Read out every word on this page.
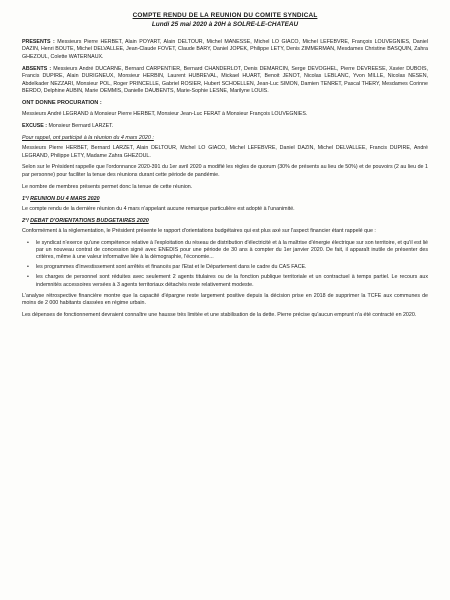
COMPTE RENDU DE LA REUNION DU COMITE SYNDICAL
Lundi 25 mai 2020 à 20H à SOLRE-LE-CHATEAU

PRESENTS : Messieurs Pierre HERBET, Alain POYART, Alain DELTOUR, Michel MANESSE, Michel LO GIACO, Michel LEFEBVRE, François LOUVEGNIES, Daniel DAZIN, Henri BOUTE, Michel DELVALLEE, Jean-Claude FOVET, Claude BARY, Daniel JOPEK, Philippe LETY, Denis ZIMMERMAN, Mesdames Christine BASQUIN, Zahra GHEZOUL, Colette WATERNAUX.

ABSENTS : Messieurs André DUCARNE, Bernard CARPENTIER, Bernard CHANDERLOT, Denis DEMARCIN, Serge DEVOGHEL, Pierre DEVREESE, Xavier DUBOIS, Francis DUPIRE, Alain DURIGNEUX, Monsieur HERBIN, Laurent HUBREVAL, Mickael HUART, Benoit JENOT, Nicolas LEBLANC, Yvon MILLE, Nicolas NESEN, Abdelkader NEZZARI, Monsieur POL, Roger PRINCELLE, Gabriel ROSIER, Hubert SCHOELLEN, Jean-Luc SIMON, Damien TENRET, Pascal THERY, Mesdames Corinne BERDO, Delphine AUBIN, Marie OEMMIS, Danielle DAUBENTS, Marie-Sophie LESNE, Marilyne LOUIS.

ONT DONNE PROCURATION :

Messieurs André LEGRAND à Monsieur Pierre HERBET, Monsieur Jean-Luc FERAT à Monsieur François LOUVEGNIES.

EXCUSE : Monsieur Bernard LARZET.

Pour rappel, ont participé à la réunion du 4 mars 2020 :

Messieurs Pierre HERBET, Bernard LARZET, Alain DELTOUR, Michel LO GIACO, Michel LEFEBVRE, Daniel DAZIN, Michel DELVALLEE, Francis DUPIRE, André LEGRAND, Philippe LETY, Madame Zahra GHEZOUL.

Selon sur le Président rappelle que l'ordonnance 2020-391 du 1er avril 2020 a modifié les règles de quorum (30% de présents au lieu de 50%) et de pouvoirs (2 au lieu de 1 par personne) pour faciliter la tenue des réunions durant cette période de pandémie.

Le nombre de membres présents permet donc la tenue de cette réunion.

1°/ REUNION DU 4 MARS 2020

Le compte rendu de la dernière réunion du 4 mars n'appelant aucune remarque particulière est adopté à l'unanimité.

2°/ DEBAT D'ORIENTATIONS BUDGETAIRES 2020

Conformément à la réglementation, le Président présente le rapport d'orientations budgétaires qui est plus axé sur l'aspect financier étant rappelé que :

• le syndicat n'exerce qu'une compétence relative à l'exploitation du réseau de distribution d'électricité et à la maîtrise d'énergie électrique sur son territoire, et qu'il est lié par un nouveau contrat de concession signé avec ENEDIS pour une période de 30 ans à compter du 1er janvier 2020. De fait, il apparaît inutile de présenter des critères, même à une valeur informative liée à la démographie, l'économie...
• les programmes d'investissement sont arrêtés et financés par l'Etat et le Département dans le cadre du CAS FACE.
• les charges de personnel sont réduites avec seulement 2 agents titulaires ou de la fonction publique territoriale et un contractuel à temps partiel. Le recours aux indemnités accessoires versées à 3 agents territoriaux détachés reste relativement modeste.

L'analyse rétrospective financière montre que la capacité d'épargne reste largement positive depuis la décision prise en 2018 de supprimer la TCFE aux communes de moins de 2 000 habitants classées en régime urbain.

Les dépenses de fonctionnement devraient connaître une hausse très limitée et une stabilisation de la dette. Pierre précise qu'aucun emprunt n'a été contracté en 2020.
